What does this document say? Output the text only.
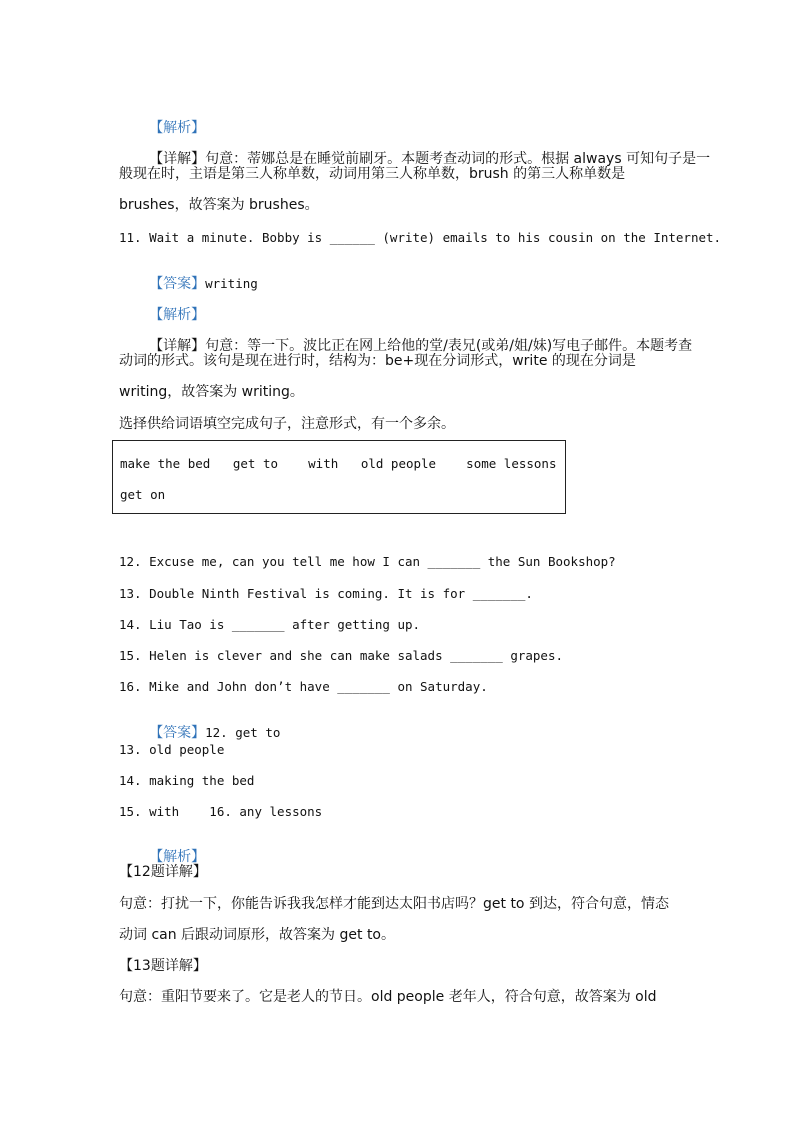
【解析】

【详解】句意：蒂娜总是在睡觉前刷牙。本题考查动词的形式。根据 always 可知句子是一

般现在时，主语是第三人称单数，动词用第三人称单数，brush 的第三人称单数是
brushes，故答案为 brushes。
11. Wait a minute. Bobby is ______ (write) emails to his cousin on the Internet.

【答案】writing

【解析】

【详解】句意：等一下。波比正在网上给他的堂/表兄(或弟/姐/妹)写电子邮件。本题考查

动词的形式。该句是现在进行时，结构为：be+现在分词形式，write 的现在分词是
writing，故答案为 writing。
选择供给词语填空完成句子，注意形式，有一个多余。
make the bed   get to    with   old people    some lessons
get on
12. Excuse me, can you tell me how I can _______ the Sun Bookshop?
13. Double Ninth Festival is coming. It is for _______.
14. Liu Tao is _______ after getting up.
15. Helen is clever and she can make salads _______ grapes.
16. Mike and John don’t have _______ on Saturday.

【答案】12. get to

13. old people
14. making the bed
15. with    16. any lessons

【解析】

【12题详解】
句意：打扰一下，你能告诉我我怎样才能到达太阳书店吗？get to 到达，符合句意，情态
动词 can 后跟动词原形，故答案为 get to。
【13题详解】
句意：重阳节要来了。它是老人的节日。old people 老年人，符合句意，故答案为 old
